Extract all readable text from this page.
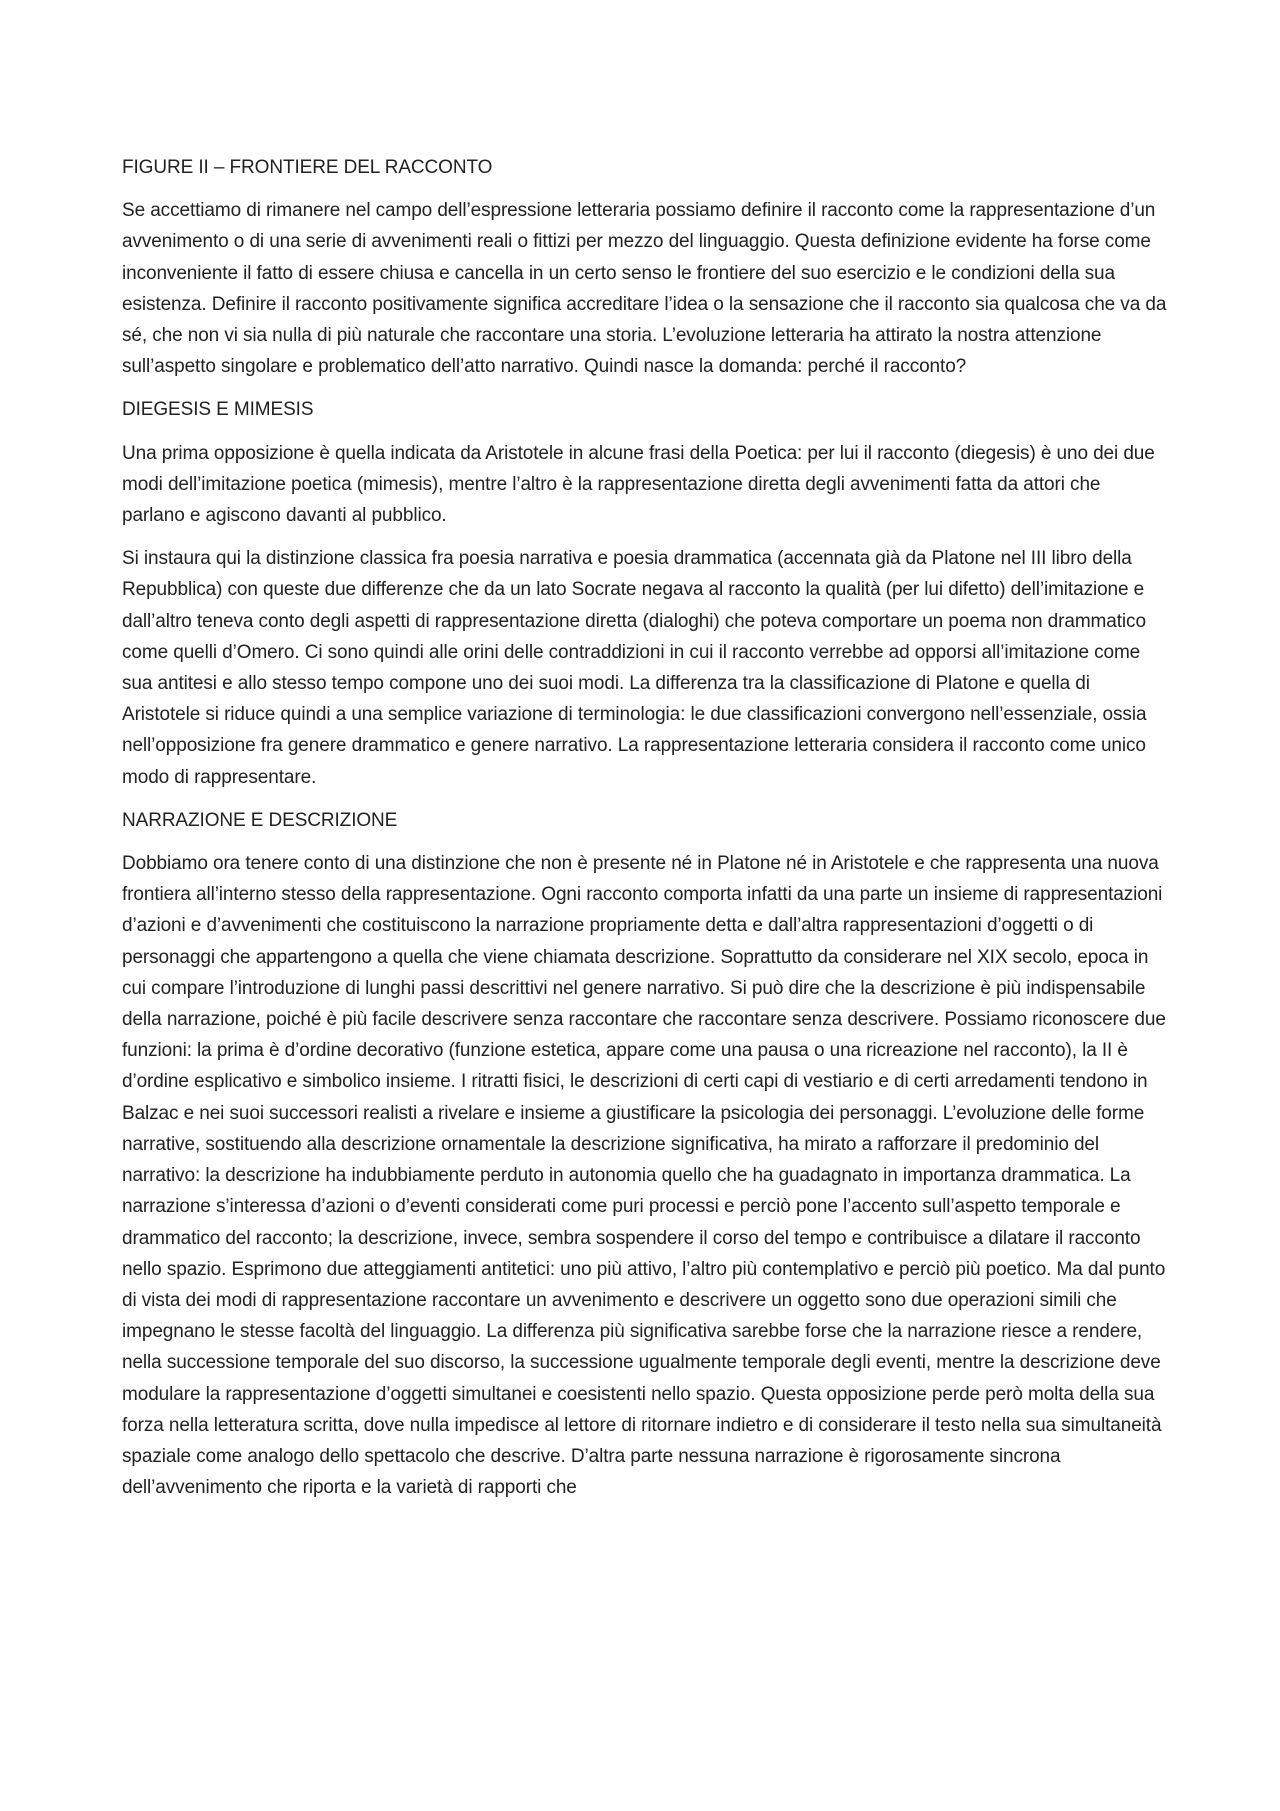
FIGURE II – FRONTIERE DEL RACCONTO

Se accettiamo di rimanere nel campo dell’espressione letteraria possiamo definire il racconto come la rappresentazione d’un avvenimento o di una serie di avvenimenti reali o fittizi per mezzo del linguaggio. Questa definizione evidente ha forse come inconveniente il fatto di essere chiusa e cancella in un certo senso le frontiere del suo esercizio e le condizioni della sua esistenza. Definire il racconto positivamente significa accreditare l’idea o la sensazione che il racconto sia qualcosa che va da sé, che non vi sia nulla di più naturale che raccontare una storia. L’evoluzione letteraria ha attirato la nostra attenzione sull’aspetto singolare e problematico dell’atto narrativo. Quindi nasce la domanda: perché il racconto?

DIEGESIS E MIMESIS

Una prima opposizione è quella indicata da Aristotele in alcune frasi della Poetica: per lui il racconto (diegesis) è uno dei due modi dell’imitazione poetica (mimesis), mentre l’altro è la rappresentazione diretta degli avvenimenti fatta da attori che parlano e agiscono davanti al pubblico.

Si instaura qui la distinzione classica fra poesia narrativa e poesia drammatica (accennata già da Platone nel III libro della Repubblica) con queste due differenze che da un lato Socrate negava al racconto la qualità (per lui difetto) dell’imitazione e dall’altro teneva conto degli aspetti di rappresentazione diretta (dialoghi) che poteva comportare un poema non drammatico come quelli d’Omero. Ci sono quindi alle orini delle contraddizioni in cui il racconto verrebbe ad opporsi all’imitazione come sua antitesi e allo stesso tempo compone uno dei suoi modi. La differenza tra la classificazione di Platone e quella di Aristotele si riduce quindi a una semplice variazione di terminologia: le due classificazioni convergono nell’essenziale, ossia nell’opposizione fra genere drammatico e genere narrativo. La rappresentazione letteraria considera il racconto come unico modo di rappresentare.

NARRAZIONE E DESCRIZIONE

Dobbiamo ora tenere conto di una distinzione che non è presente né in Platone né in Aristotele e che rappresenta una nuova frontiera all’interno stesso della rappresentazione. Ogni racconto comporta infatti da una parte un insieme di rappresentazioni d’azioni e d’avvenimenti che costituiscono la narrazione propriamente detta e dall’altra rappresentazioni d’oggetti o di personaggi che appartengono a quella che viene chiamata descrizione. Soprattutto da considerare nel XIX secolo, epoca in cui compare l’introduzione di lunghi passi descrittivi nel genere narrativo. Si può dire che la descrizione è più indispensabile della narrazione, poiché è più facile descrivere senza raccontare che raccontare senza descrivere. Possiamo riconoscere due funzioni: la prima è d’ordine decorativo (funzione estetica, appare come una pausa o una ricreazione nel racconto), la II è d’ordine esplicativo e simbolico insieme. I ritratti fisici, le descrizioni di certi capi di vestiario e di certi arredamenti tendono in Balzac e nei suoi successori realisti a rivelare e insieme a giustificare la psicologia dei personaggi. L’evoluzione delle forme narrative, sostituendo alla descrizione ornamentale la descrizione significativa, ha mirato a rafforzare il predominio del narrativo: la descrizione ha indubbiamente perduto in autonomia quello che ha guadagnato in importanza drammatica. La narrazione s’interessa d’azioni o d’eventi considerati come puri processi e perciò pone l’accento sull’aspetto temporale e drammatico del racconto; la descrizione, invece, sembra sospendere il corso del tempo e contribuisce a dilatare il racconto nello spazio. Esprimono due atteggiamenti antitetici: uno più attivo, l’altro più contemplativo e perciò più poetico. Ma dal punto di vista dei modi di rappresentazione raccontare un avvenimento e descrivere un oggetto sono due operazioni simili che impegnano le stesse facoltà del linguaggio. La differenza più significativa sarebbe forse che la narrazione riesce a rendere, nella successione temporale del suo discorso, la successione ugualmente temporale degli eventi, mentre la descrizione deve modulare la rappresentazione d’oggetti simultanei e coesistenti nello spazio. Questa opposizione perde però molta della sua forza nella letteratura scritta, dove nulla impedisce al lettore di ritornare indietro e di considerare il testo nella sua simultaneità spaziale come analogo dello spettacolo che descrive. D’altra parte nessuna narrazione è rigorosamente sincrona dell’avvenimento che riporta e la varietà di rapporti che
